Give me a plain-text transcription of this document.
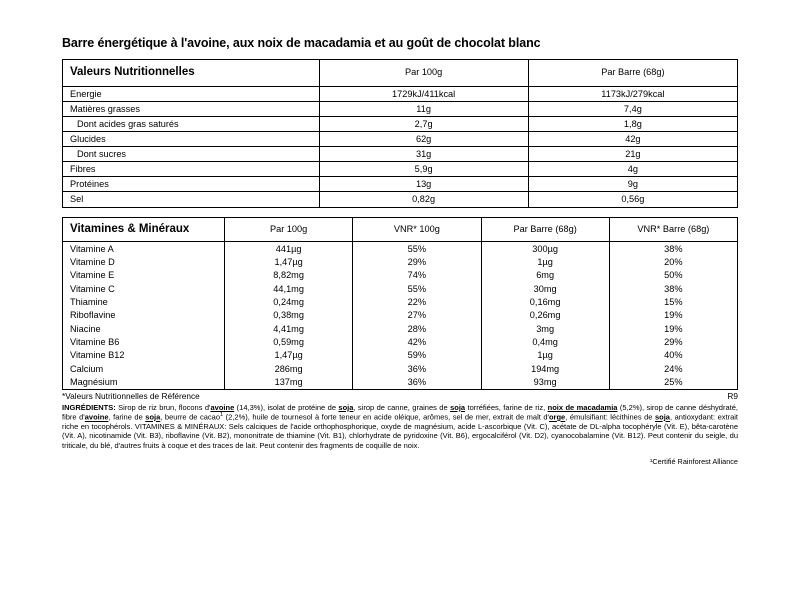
Barre énergétique à l'avoine, aux noix de macadamia et au goût de chocolat blanc
Valeurs Nutritionnelles	Par 100g	Par Barre (68g)
Energie	1729kJ/411kcal	1173kJ/279kcal
Matières grasses	11g	7,4g
Dont acides gras saturés	2,7g	1,8g
Glucides	62g	42g
Dont sucres	31g	21g
Fibres	5,9g	4g
Protéines	13g	9g
Sel	0,82g	0,56g
Vitamines & Minéraux	Par 100g	VNR* 100g	Par Barre (68g)	VNR* Barre (68g)
Vitamine A	441µg	55%	300µg	38%
Vitamine D	1,47µg	29%	1µg	20%
Vitamine E	8,82mg	74%	6mg	50%
Vitamine C	44,1mg	55%	30mg	38%
Thiamine	0,24mg	22%	0,16mg	15%
Riboflavine	0,38mg	27%	0,26mg	19%
Niacine	4,41mg	28%	3mg	19%
Vitamine B6	0,59mg	42%	0,4mg	29%
Vitamine B12	1,47µg	59%	1µg	40%
Calcium	286mg	36%	194mg	24%
Magnésium	137mg	36%	93mg	25%
*Valeurs Nutritionnelles de Référence	R9
INGRÉDIENTS: Sirop de riz brun, flocons d'avoine (14,3%), isolat de protéine de soja, sirop de canne, graines de soja torréfiées, farine de riz, noix de macadamia (5,2%), sirop de canne déshydraté, fibre d'avoine, farine de soja, beurre de cacao$^1$ (2,2%), huile de tournesol à forte teneur en acide oléique, arômes, sel de mer, extrait de malt d'orge, émulsifiant: lécithines de soja, antioxydant: extrait riche en tocophérols. VITAMINES & MINÉRAUX: Sels calciques de l'acide orthophosphorique, oxyde de magnésium, acide L-ascorbique (Vit. C), acétate de DL-alpha tocophéryle (Vit. E), bêta-carotène (Vit. A), nicotinamide (Vit. B3), riboflavine (Vit. B2), mononitrate de thiamine (Vit. B1), chlorhydrate de pyridoxine (Vit. B6), ergocalciférol (Vit. D2), cyanocobalamine (Vit. B12). Peut contenir du seigle, du triticale, du blé, d'autres fruits à coque et des traces de lait. Peut contenir des fragments de coquille de noix.
¹Certifié Rainforest Alliance
